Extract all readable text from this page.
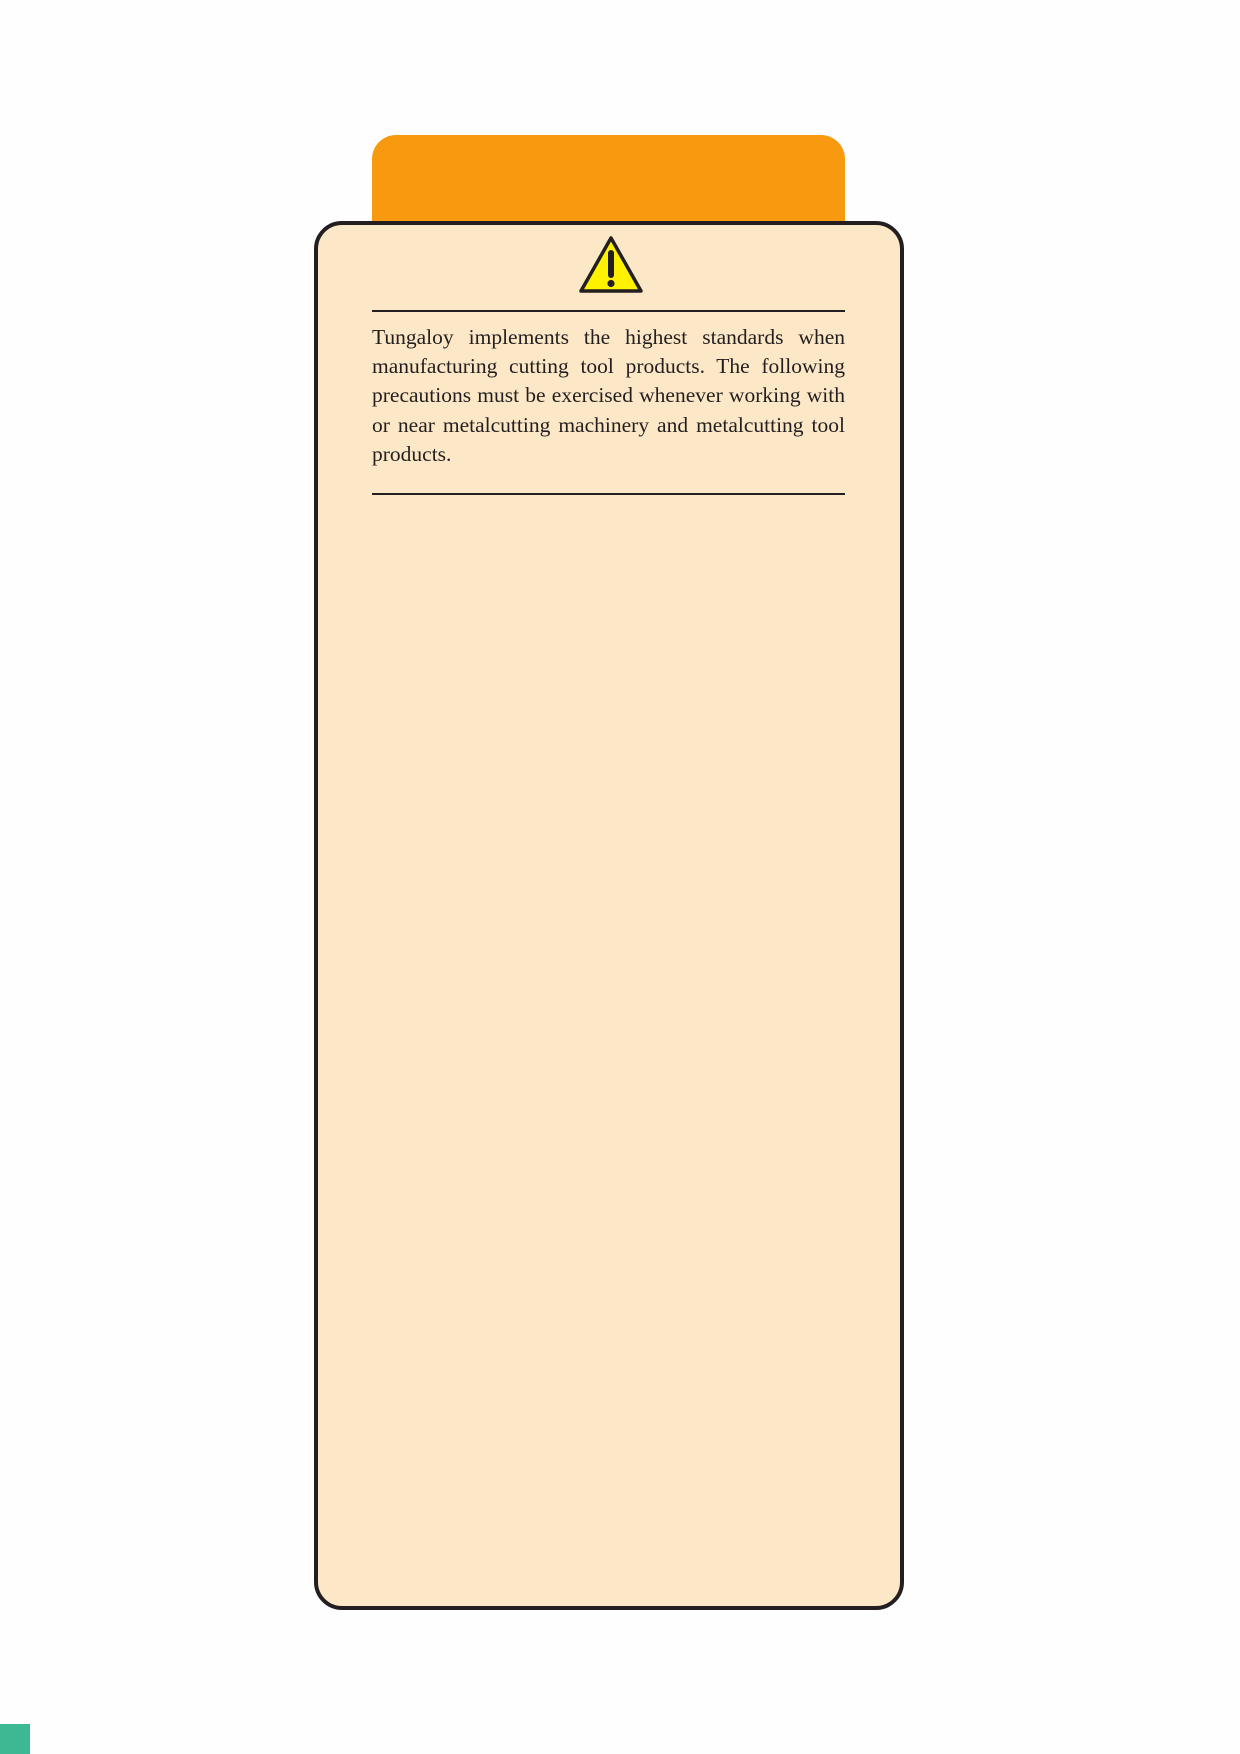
Tungaloy implements the highest standards when manufacturing cutting tool products. The following precautions must be exercised whenever working with or near metalcutting machinery and metalcutting tool products.
